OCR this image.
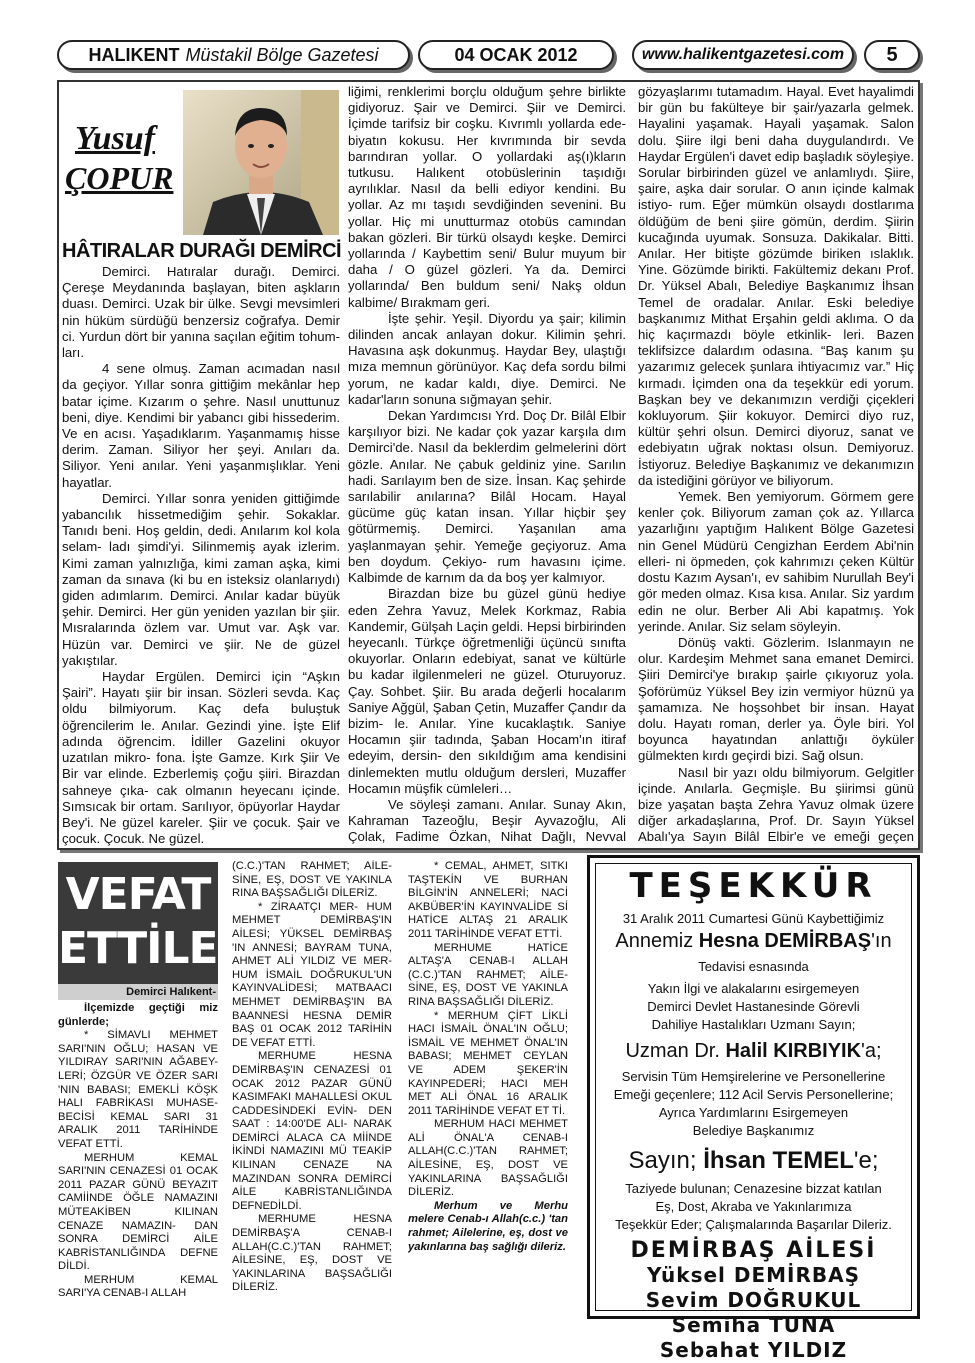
HALIKENT Müstakil Bölge Gazetesi	04 OCAK 2012	www.halikentgazetesi.com 5
Yusuf
ÇOPUR
HÂTIRALAR DURAĞI DEMİRCİ

Demirci. Hatıralar durağı. Demirci. Çereşe Meydanında başlayan, biten aşkların duası. Demirci. Uzak bir ülke. Sevgi mevsimleri nin hüküm sürdüğü benzersiz coğrafya. Demir ci. Yurdun dört bir yanına saçılan eğitim tohum- ları.

4 sene olmuş. Zaman acımadan nasıl da geçiyor. Yıllar sonra gittiğim mekânlar hep batar içime. Kızarım o şehre. Nasıl unuttunuz beni, diye. Kendimi bir yabancı gibi hissederim. Ve en acısı. Yaşadıklarım. Yaşanmamış hisse derim. Zaman. Siliyor her şeyi. Anıları da. Siliyor. Yeni anılar. Yeni yaşanmışlıklar. Yeni hayatlar.

Demirci. Yıllar sonra yeniden gittiğimde yabancılık hissetmediğim şehir. Sokaklar. Tanıdı beni. Hoş geldin, dedi. Anılarım kol kola selam- ladı şimdi'yi. Silinmemiş ayak izlerim. Kimi zaman yalnızlığa, kimi zaman aşka, kimi zaman da sınava (ki bu en isteksiz olanlarıydı) giden adımlarım. Demirci. Anılar kadar büyük şehir. Demirci. Her gün yeniden yazılan bir şiir. Mısralarında özlem var. Umut var. Aşk var. Hüzün var. Demirci ve şiir. Ne de güzel yakıştılar.

Haydar Ergülen. Demirci için “Aşkın Şairi”. Hayatı şiir bir insan. Sözleri sevda. Kaç oldu bilmiyorum. Kaç defa buluştuk öğrencilerim le. Anılar. Gezindi yine. İşte Elif adında öğrencim. İdiller Gazelini okuyor uzatılan mikro- fona. İşte Gamze. Kırk Şiir Ve Bir var elinde. Ezberlemiş çoğu şiiri. Birazdan sahneye çıka- cak olmanın heyecanı içinde. Sımsıcak bir ortam. Sarılıyor, öpüyorlar Haydar Bey'i. Ne güzel kareler. Şiir ve çocuk. Şair ve çocuk. Çocuk. Ne güzel.

liğimi, renklerimi borçlu olduğum şehre birlikte gidiyoruz. Şair ve Demirci. Şiir ve Demirci. İçimde tarifsiz bir coşku. Kıvrımlı yollarda ede- biyatın kokusu. Her kıvrımında bir sevda barındıran yollar. O yollardaki aş(ı)kların tutkusu. Halıkent otobüslerinin taşıdığı ayrılıklar. Nasıl da belli ediyor kendini. Bu yollar. Az mı taşıdı sevdiğinden sevenini. Bu yollar. Hiç mi unutturmaz otobüs camından bakan gözleri. Bir türkü olsaydı keşke. Demirci yollarında / Kaybettim seni/ Bulur muyum bir daha / O güzel gözleri. Ya da. Demirci yollarında/ Ben buldum seni/ Nakş oldun kalbime/ Bırakmam geri.

İşte şehir. Yeşil. Diyordu ya şair; kilimin dilinden ancak anlayan dokur. Kilimin şehri. Havasına aşk dokunmuş. Haydar Bey, ulaştığı mıza memnun görünüyor. Kaç defa sordu bilmi yorum, ne kadar kaldı, diye. Demirci. Ne kadar'ların sonuna sığmayan şehir.

Dekan Yardımcısı Yrd. Doç Dr. Bilâl Elbir karşılıyor bizi. Ne kadar çok yazar karşıla dım Demirci'de. Nasıl da beklerdim gelmelerini dört gözle. Anılar. Ne çabuk geldiniz yine. Sarılın hadi. Sarılayım ben de size. İnsan. Kaç şehirde sarılabilir anılarına? Bilâl Hocam. Hayal gücüme güç katan insan. Yıllar hiçbir şey götürmemiş. Demirci. Yaşanılan ama yaşlanmayan şehir. Yemeğe geçiyoruz. Ama ben doydum. Çekiyo- rum havasını içime. Kalbimde de karnım da da boş yer kalmıyor.

Birazdan bize bu güzel günü hediye eden Zehra Yavuz, Melek Korkmaz, Rabia Kandemir, Gülşah Laçin geldi. Hepsi birbirinden heyecanlı. Türkçe öğretmenliği üçüncü sınıfta okuyorlar. Onların edebiyat, sanat ve kültürle bu kadar ilgilenmeleri ne güzel. Oturuyoruz. Çay. Sohbet. Şiir. Bu arada değerli hocalarım Saniye Ağgül, Şaban Çetin, Muzaffer Çandır da bizim- le. Anılar. Yine kucaklaştık. Saniye Hocamın şiir tadında, Şaban Hocam'ın itiraf edeyim, dersin- den sıkıldığım ama kendisini dinlemekten mutlu olduğum dersleri, Muzaffer Hocamın müşfik cümleleri…

Ve söyleşi zamanı. Anılar. Sunay Akın, Kahraman Tazeoğlu, Beşir Ayvazoğlu, Ali Çolak, Fadime Özkan, Nihat Dağlı, Nevval

gözyaşlarımı tutamadım. Hayal. Evet hayalimdi bir gün bu fakülteye bir şair/yazarla gelmek. Hayalini yaşamak. Hayali yaşamak. Salon dolu. Şiire ilgi beni daha duygulandırdı. Ve Haydar Ergülen'i davet edip başladık söyleşiye. Sorular birbirinden güzel ve anlamlıydı. Şiire, şaire, aşka dair sorular. O anın içinde kalmak istiyo- rum. Eğer mümkün olsaydı dostlarıma öldüğüm de beni şiire gömün, derdim. Şiirin kucağında uyumak. Sonsuza. Dakikalar. Bitti. Anılar. Her bitişte gözümde biriken ıslaklık. Yine. Gözümde birikti. Fakültemiz dekanı Prof. Dr. Yüksel Abalı, Belediye Başkanımız İhsan Temel de oradalar. Anılar. Eski belediye başkanımız Mithat Erşahin geldi aklıma. O da hiç kaçırmazdı böyle etkinlik- leri. Bazen teklifsizce dalardım odasına. “Baş kanım şu yazarımız gelecek şunlara ihtiyacımız var.” Hiç kırmadı. İçimden ona da teşekkür edi yorum. Başkan bey ve dekanımızın verdiği çiçekleri kokluyorum. Şiir kokuyor. Demirci diyo ruz, kültür şehri olsun. Demirci diyoruz, sanat ve edebiyatın uğrak noktası olsun. Demiyoruz. İstiyoruz. Belediye Başkanımız ve dekanımızın da istediğini görüyor ve biliyorum.

Yemek. Ben yemiyorum. Görmem gere kenler çok. Biliyorum zaman çok az. Yıllarca yazarlığını yaptığım Halıkent Bölge Gazetesi nin Genel Müdürü Cengizhan Eerdem Abi'nin elleri- ni öpmeden, çok kahrımızı çeken Kültür dostu Kazım Aysan'ı, ev sahibim Nurullah Bey'i gör meden olmaz. Kısa kısa. Anılar. Siz yardım edin ne olur. Berber Ali Abi kapatmış. Yok yerinde. Anılar. Siz selam söyleyin.

Dönüş vakti. Gözlerim. Islanmayın ne olur. Kardeşim Mehmet sana emanet Demirci. Şiiri Demirci'ye bırakıp şairle çıkıyoruz yola. Şoförümüz Yüksel Bey izin vermiyor hüznü ya şamamıza. Ne hoşsohbet bir insan. Hayat dolu. Hayatı roman, derler ya. Öyle biri. Yol boyunca hayatından anlattığı öyküler gülmekten kırdı geçirdi bizi. Sağ olsun.

Nasıl bir yazı oldu bilmiyorum. Gelgitler içinde. Anılarla. Geçmişle. Bu şiirimsi günü bize yaşatan başta Zehra Yavuz olmak üzere diğer arkadaşlarına, Prof. Dr. Sayın Yüksel Abalı'ya Sayın Bilâl Elbir'e ve emeği geçen

VEFAT
ETTİLER
Demirci Halıkent-

İlçemizde geçtiği miz günlerde;

* SİMAVLI MEHMET SARI'NIN OĞLU; HASAN VE YILDIRAY SARI'NIN AĞABEY- LERİ; ÖZGÜR VE ÖZER SARI 'NIN BABASI; EMEKLİ KÖŞK HALI FABRİKASI MUHASE- BECİSİ KEMAL SARI 31 ARALIK 2011 TARİHİNDE VEFAT ETTİ.

MERHUM KEMAL SARI'NIN CENAZESİ 01 OCAK 2011 PAZAR GÜNÜ BEYAZIT CAMİİNDE ÖĞLE NAMAZINI MÜTEAKİBEN KILINAN CENAZE NAMAZIN- DAN SONRA DEMİRCİ AİLE KABRİSTANLIĞINDA DEFNE DİLDİ.

MERHUM KEMAL SARI'YA CENAB-I ALLAH

(C.C.)'TAN RAHMET; AİLE- SİNE, EŞ, DOST VE YAKINLA RINA BAŞSAĞLIĞI DİLERİZ.

* ZİRAATÇI MER- HUM MEHMET DEMİRBAŞ'IN AİLESİ; YÜKSEL DEMİRBAŞ 'IN ANNESİ; BAYRAM TUNA, AHMET ALİ YILDIZ VE MER- HUM İSMAİL DOĞRUKUL'UN KAYINVALİDESİ; MATBAACI MEHMET DEMİRBAŞ'IN BA BAANNESİ HESNA DEMİR BAŞ 01 OCAK 2012 TARİHİN DE VEFAT ETTİ.

MERHUME HESNA DEMİRBAŞ'IN CENAZESİ 01 OCAK 2012 PAZAR GÜNÜ KASIMFAKI MAHALLESİ OKUL CADDESİNDEKİ EVİN- DEN SAAT : 14:00'DE ALI- NARAK DEMİRCİ ALACA CA MİİNDE İKİNDİ NAMAZINI MÜ TEAKİP KILINAN CENAZE NA MAZINDAN SONRA DEMİRCİ AİLE KABRİSTANLIĞINDA DEFNEDİLDİ.

MERHUME HESNA DEMİRBAŞ'A CENAB-I ALLAH(C.C.)'TAN RAHMET; AİLESİNE, EŞ, DOST VE YAKINLARINA BAŞSAĞLIĞI DİLERİZ.

* CEMAL, AHMET, SITKI TAŞTEKİN VE BURHAN BİLGİN'İN ANNELERİ; NACİ AKBÜBER'İN KAYINVALİDE Sİ HATİCE ALTAŞ 21 ARALIK 2011 TARİHİNDE VEFAT ETTİ.

MERHUME HATİCE ALTAŞ'A CENAB-I ALLAH (C.C.)'TAN RAHMET; AİLE- SİNE, EŞ, DOST VE YAKINLA RINA BAŞSAĞLIĞI DİLERİZ.

* MERHUM ÇİFT LİKLİ HACI İSMAİL ÖNAL'IN OĞLU; İSMAİL VE MEHMET ÖNAL'IN BABASI; MEHMET CEYLAN VE ADEM ŞEKER'İN KAYINPEDERİ; HACI MEH MET ALİ ÖNAL 16 ARALIK 2011 TARİHİNDE VEFAT ET Tİ.

MERHUM HACI MEHMET ALİ ÖNAL'A CENAB-I ALLAH(C.C.)'TAN RAHMET; AİLESİNE, EŞ, DOST VE YAKINLARINA BAŞSAĞLIĞI DİLERİZ.

Merhum ve Merhu melere Cenab-ı Allah(c.c.) 'tan rahmet; Ailelerine, eş, dost ve yakınlarına baş sağlığı dileriz.

TEŞEKKÜR
31 Aralık 2011 Cumartesi Günü Kaybettiğimiz
Annemiz Hesna DEMİRBAŞ'ın
Tedavisi esnasında
Yakın İlgi ve alakalarını esirgemeyen
Demirci Devlet Hastanesinde Görevli
Dahiliye Hastalıkları Uzmanı Sayın;
Uzman Dr. Halil KIRBIYIK'a;
Servisin Tüm Hemşirelerine ve Personellerine
Emeği geçenlere; 112 Acil Servis Personellerine;
Ayrıca Yardımlarını Esirgemeyen
Belediye Başkanımız
Sayın; İhsan TEMEL'e;
Taziyede bulunan; Cenazesine bizzat katılan
Eş, Dost, Akraba ve Yakınlarımıza
Teşekkür Eder; Çalışmalarında Başarılar Dileriz.
DEMİRBAŞ AİLESİ
Yüksel DEMİRBAŞ
Sevim DOĞRUKUL
Semiha TUNA
Sebahat YILDIZ
